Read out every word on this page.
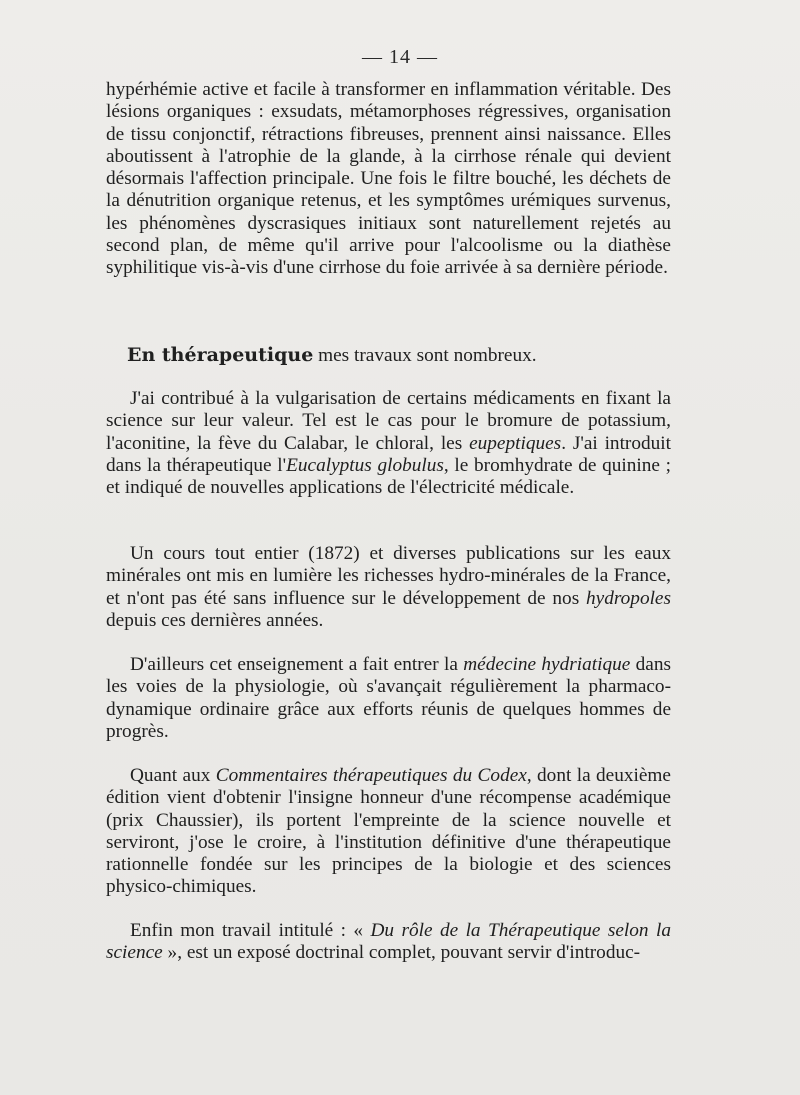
— 14 —

hypérhémie active et facile à transformer en inflammation véritable. Des lésions organiques : exsudats, métamorphoses régressives, organisation de tissu conjonctif, rétractions fibreuses, prennent ainsi naissance. Elles aboutissent à l'atrophie de la glande, à la cirrhose rénale qui devient désormais l'affection principale. Une fois le filtre bouché, les déchets de la dénutrition organique retenus, et les symptômes urémiques survenus, les phénomènes dyscrasiques initiaux sont naturellement rejetés au second plan, de même qu'il arrive pour l'alcoolisme ou la diathèse syphilitique vis-à-vis d'une cirrhose du foie arrivée à sa dernière période.

En thérapeutique mes travaux sont nombreux.

J'ai contribué à la vulgarisation de certains médicaments en fixant la science sur leur valeur. Tel est le cas pour le bromure de potassium, l'aconitine, la fève du Calabar, le chloral, les eupeptiques. J'ai introduit dans la thérapeutique l'Eucalyptus globulus, le bromhydrate de quinine ; et indiqué de nouvelles applications de l'électricité médicale.

Un cours tout entier (1872) et diverses publications sur les eaux minérales ont mis en lumière les richesses hydro-minérales de la France, et n'ont pas été sans influence sur le développement de nos hydropoles depuis ces dernières années.

D'ailleurs cet enseignement a fait entrer la médecine hydriatique dans les voies de la physiologie, où s'avançait régulièrement la pharmaco-dynamique ordinaire grâce aux efforts réunis de quelques hommes de progrès.

Quant aux Commentaires thérapeutiques du Codex, dont la deuxième édition vient d'obtenir l'insigne honneur d'une récompense académique (prix Chaussier), ils portent l'empreinte de la science nouvelle et serviront, j'ose le croire, à l'institution définitive d'une thérapeutique rationnelle fondée sur les principes de la biologie et des sciences physico-chimiques.

Enfin mon travail intitulé : « Du rôle de la Thérapeutique selon la science », est un exposé doctrinal complet, pouvant servir d'introduc-
